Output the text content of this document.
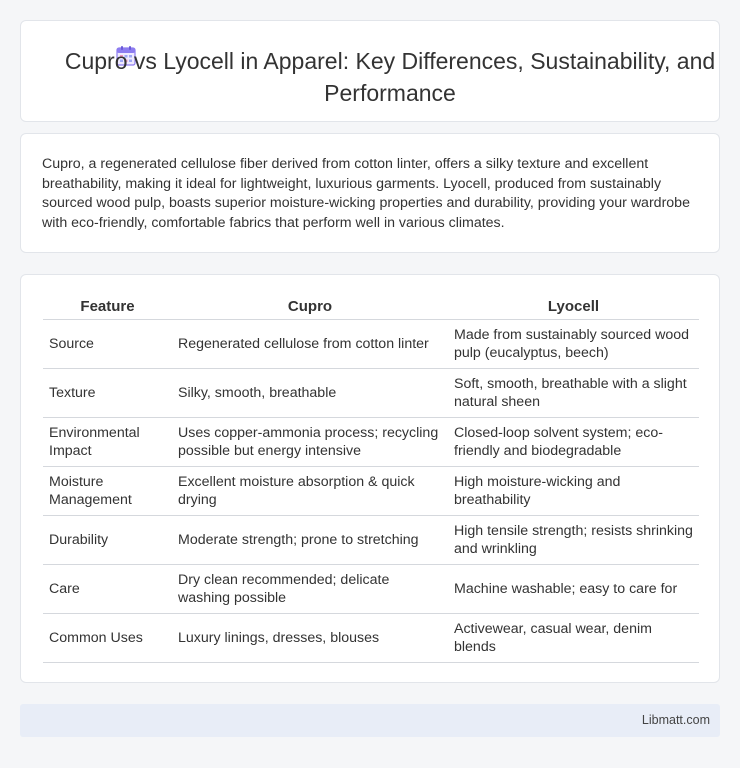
Cupro vs Lyocell in Apparel: Key Differences, Sustainability, and Performance

Cupro, a regenerated cellulose fiber derived from cotton linter, offers a silky texture and excellent breathability, making it ideal for lightweight, luxurious garments. Lyocell, produced from sustainably sourced wood pulp, boasts superior moisture-wicking properties and durability, providing your wardrobe with eco-friendly, comfortable fabrics that perform well in various climates.

Feature	Cupro	Lyocell
Source	Regenerated cellulose from cotton linter	Made from sustainably sourced wood pulp (eucalyptus, beech)
Texture	Silky, smooth, breathable	Soft, smooth, breathable with a slight natural sheen
Environmental Impact	Uses copper-ammonia process; recycling possible but energy intensive	Closed-loop solvent system; eco-friendly and biodegradable
Moisture Management	Excellent moisture absorption & quick drying	High moisture-wicking and breathability
Durability	Moderate strength; prone to stretching	High tensile strength; resists shrinking and wrinkling
Care	Dry clean recommended; delicate washing possible	Machine washable; easy to care for
Common Uses	Luxury linings, dresses, blouses	Activewear, casual wear, denim blends
Libmatt.com
